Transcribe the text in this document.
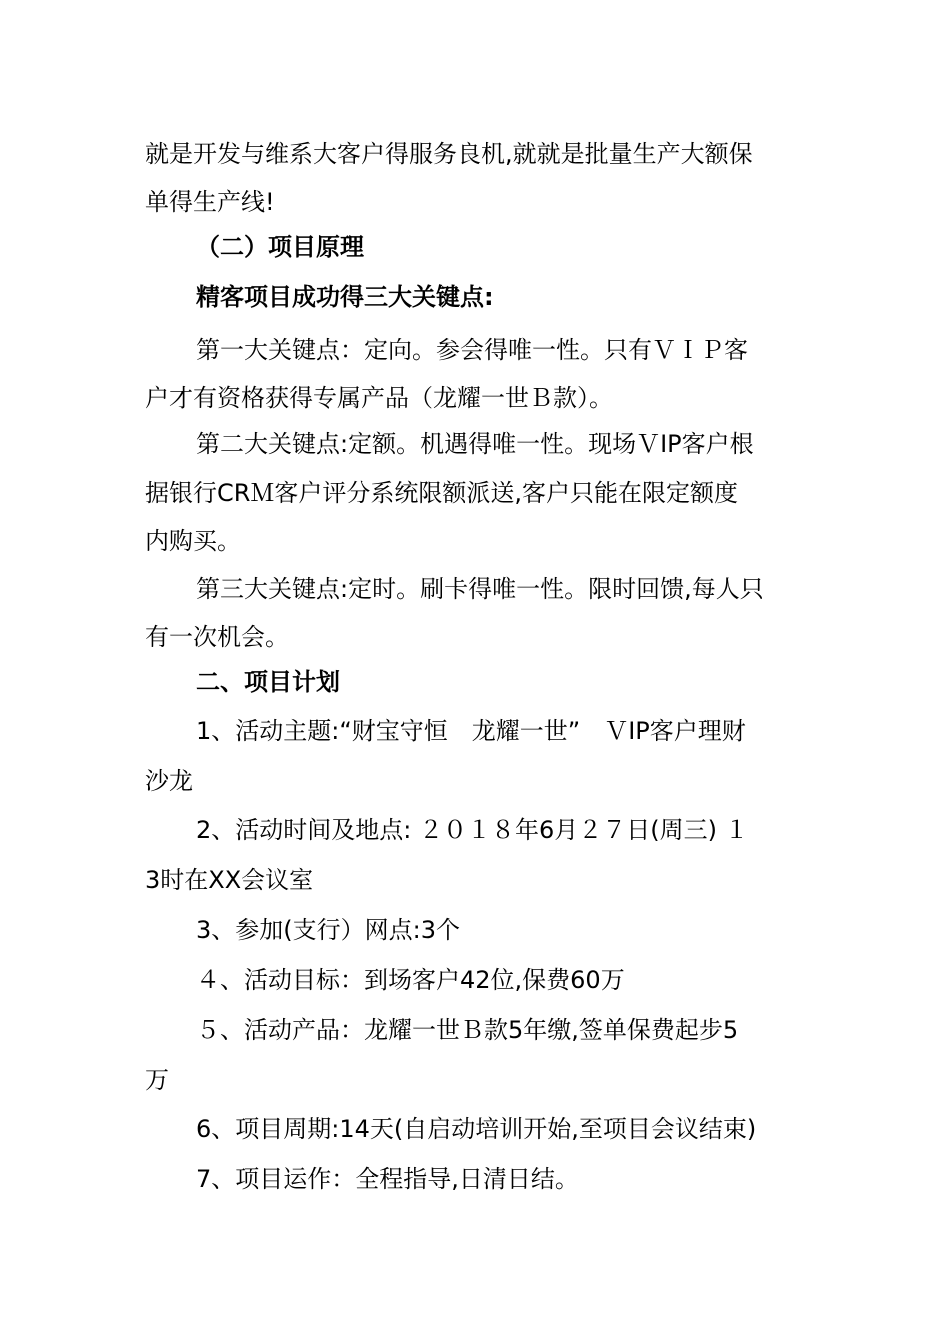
就是开发与维系大客户得服务良机,就就是批量生产大额保
单得生产线!
（二）项目原理
精客项目成功得三大关键点:
第一大关键点：定向。参会得唯一性。只有ＶＩＰ客
户才有资格获得专属产品（龙耀一世Ｂ款）。
第二大关键点:定额。机遇得唯一性。现场ＶIP客户根
据银行CRＭ客户评分系统限额派送,客户只能在限定额度
内购买。
第三大关键点:定时。刷卡得唯一性。限时回馈,每人只
有一次机会。
二、项目计划
1、活动主题:“财宝守恒　龙耀一世”　ＶIP客户理财
沙龙
2、活动时间及地点: ２０１８年6月２７日(周三) １
3时在XX会议室
3、参加(支行）网点:3个
４、活动目标：到场客户42位,保费60万
５、活动产品：龙耀一世Ｂ款5年缴,签单保费起步5
万
6、项目周期:14天(自启动培训开始,至项目会议结束)
7、项目运作：全程指导,日清日结。
